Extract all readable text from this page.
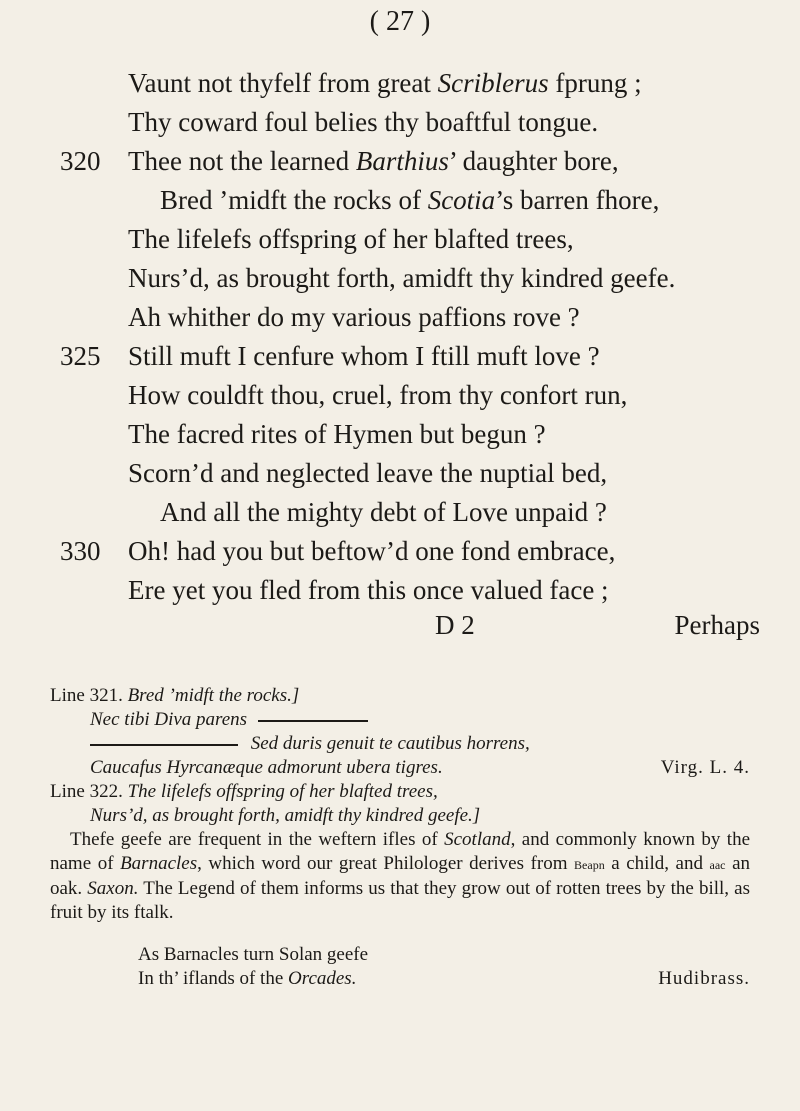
( 27 )
Vaunt not thyfelf from great Scriblerus fprung ;
Thy coward foul belies thy boaftful tongue.
320	Thee not the learned Barthius’ daughter bore,
Bred ’midft the rocks of Scotia’s barren fhore,
The lifelefs offspring of her blafted trees,
Nurs’d, as brought forth, amidft thy kindred geefe.
Ah whither do my various paffions rove ?
325	Still muft I cenfure whom I ftill muft love ?
How couldft thou, cruel, from thy confort run,
The facred rites of Hymen but begun ?
Scorn’d and neglected leave the nuptial bed,
And all the mighty debt of Love unpaid ?
330	Oh! had you but beftow’d one fond embrace,
Ere yet you fled from this once valued face ;
D 2	Perhaps
Line 321. Bred ’midft the rocks.]
Nec tibi Diva parens
Sed duris genuit te cautibus horrens,
Caucafus Hyrcanæque admorunt ubera tigres.	Virg. L. 4.
Line 322. The lifelefs offspring of her blafted trees,
Nurs’d, as brought forth, amidft thy kindred geefe.]
Thefe geefe are frequent in the weftern ifles of Scotland, and commonly known by the name of Barnacles, which word our great Philologer derives from Beapn a child, and aac an oak. Saxon. The Legend of them informs us that they grow out of rotten trees by the bill, as fruit by its ftalk.
As Barnacles turn Solan geefe
In th’ iflands of the Orcades.	Hudibrass.
